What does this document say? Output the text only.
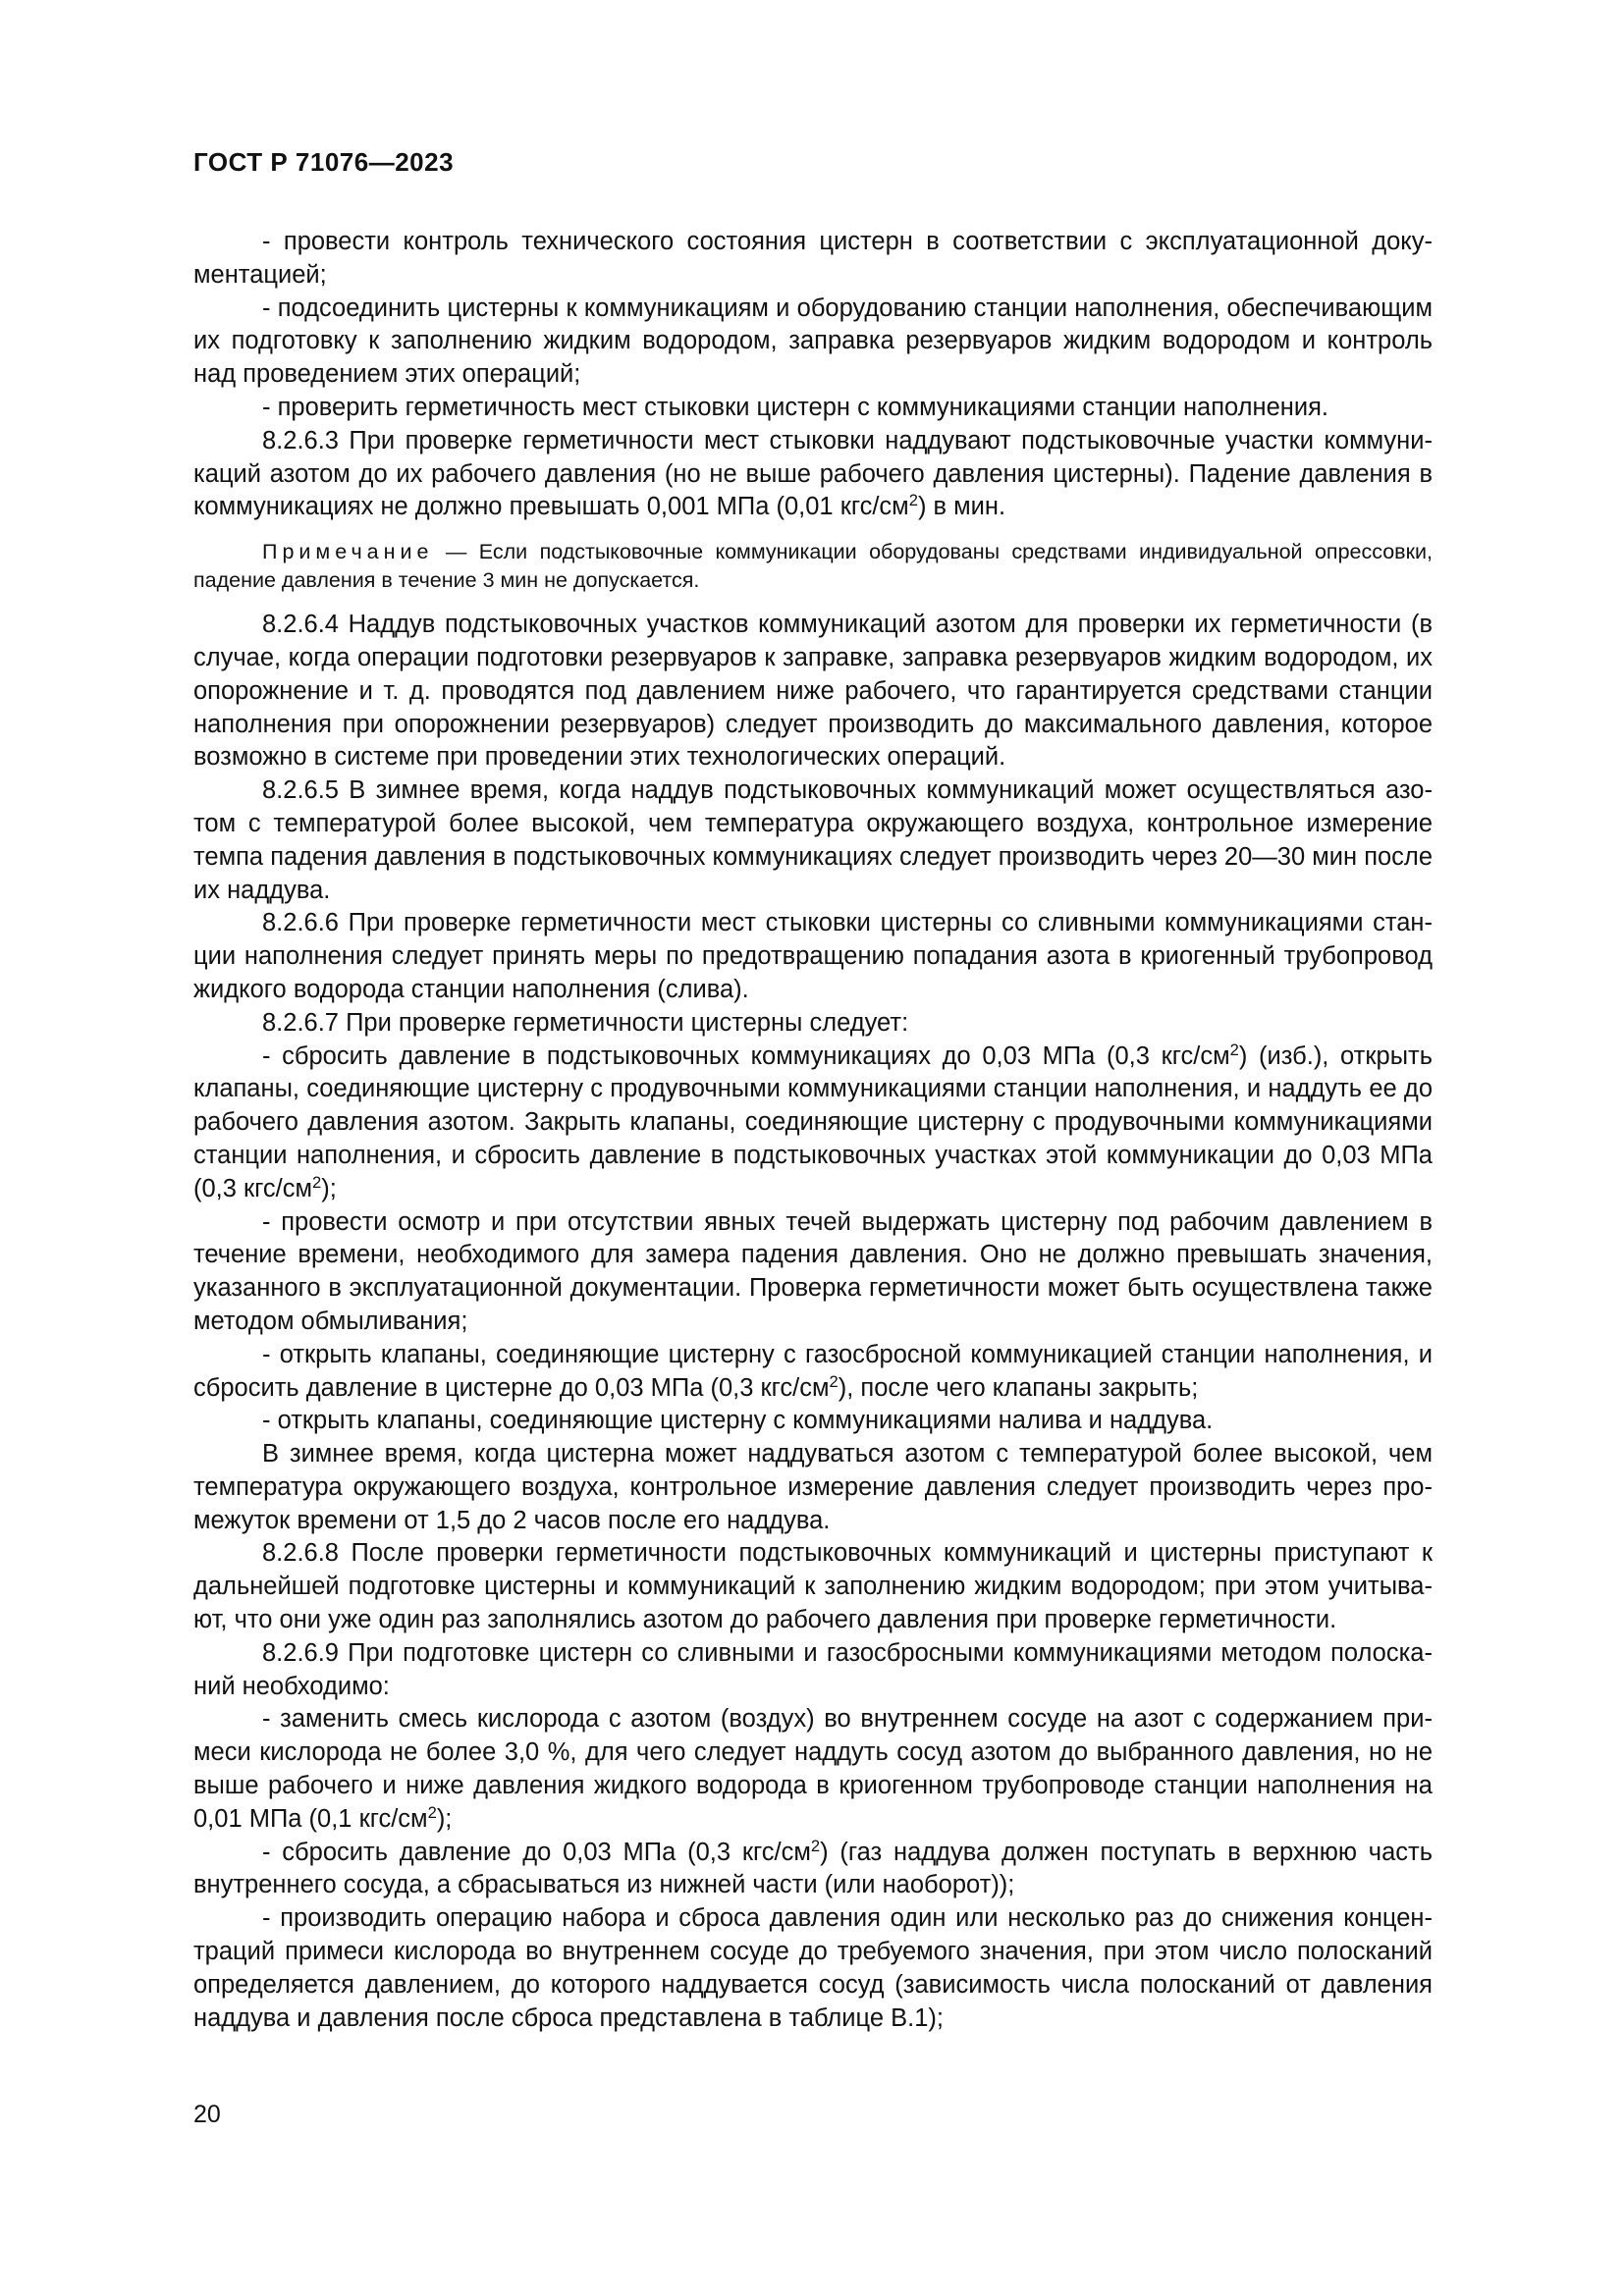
ГОСТ Р 71076—2023

- провести контроль технического состояния цистерн в соответствии с эксплуатационной документацией;

- подсоединить цистерны к коммуникациям и оборудованию станции наполнения, обеспечивающим их подготовку к заполнению жидким водородом, заправка резервуаров жидким водородом и контроль над проведением этих операций;

- проверить герметичность мест стыковки цистерн с коммуникациями станции наполнения.

8.2.6.3 При проверке герметичности мест стыковки наддувают подстыковочные участки коммуникаций азотом до их рабочего давления (но не выше рабочего давления цистерны). Падение давления в коммуникациях не должно превышать 0,001 МПа (0,01 кгс/$см^2$) в мин.

Примечание — Если подстыковочные коммуникации оборудованы средствами индивидуальной опрессовки, падение давления в течение 3 мин не допускается.

8.2.6.4 Наддув подстыковочных участков коммуникаций азотом для проверки их герметичности (в случае, когда операции подготовки резервуаров к заправке, заправка резервуаров жидким водородом, их опорожнение и т. д. проводятся под давлением ниже рабочего, что гарантируется средствами станции наполнения при опорожнении резервуаров) следует производить до максимального давления, которое возможно в системе при проведении этих технологических операций.

8.2.6.5 В зимнее время, когда наддув подстыковочных коммуникаций может осуществляться азотом с температурой более высокой, чем температура окружающего воздуха, контрольное измерение темпа падения давления в подстыковочных коммуникациях следует производить через 20—30 мин после их наддува.

8.2.6.6 При проверке герметичности мест стыковки цистерны со сливными коммуникациями станции наполнения следует принять меры по предотвращению попадания азота в криогенный трубопровод жидкого водорода станции наполнения (слива).

8.2.6.7 При проверке герметичности цистерны следует:

- сбросить давление в подстыковочных коммуникациях до 0,03 МПа (0,3 кгс/$см^2$) (изб.), открыть клапаны, соединяющие цистерну с продувочными коммуникациями станции наполнения, и наддуть ее до рабочего давления азотом. Закрыть клапаны, соединяющие цистерну с продувочными коммуникациями станции наполнения, и сбросить давление в подстыковочных участках этой коммуникации до 0,03 МПа (0,3 кгс/$см^2$);

- провести осмотр и при отсутствии явных течей выдержать цистерну под рабочим давлением в течение времени, необходимого для замера падения давления. Оно не должно превышать значения, указанного в эксплуатационной документации. Проверка герметичности может быть осуществлена также методом обмыливания;

- открыть клапаны, соединяющие цистерну с газосбросной коммуникацией станции наполнения, и сбросить давление в цистерне до 0,03 МПа (0,3 кгс/$см^2$), после чего клапаны закрыть;

- открыть клапаны, соединяющие цистерну с коммуникациями налива и наддува.

В зимнее время, когда цистерна может наддуваться азотом с температурой более высокой, чем температура окружающего воздуха, контрольное измерение давления следует производить через промежуток времени от 1,5 до 2 часов после его наддува.

8.2.6.8 После проверки герметичности подстыковочных коммуникаций и цистерны приступают к дальнейшей подготовке цистерны и коммуникаций к заполнению жидким водородом; при этом учитывают, что они уже один раз заполнялись азотом до рабочего давления при проверке герметичности.

8.2.6.9 При подготовке цистерн со сливными и газосбросными коммуникациями методом полосканий необходимо:

- заменить смесь кислорода с азотом (воздух) во внутреннем сосуде на азот с содержанием примеси кислорода не более 3,0 %, для чего следует наддуть сосуд азотом до выбранного давления, но не выше рабочего и ниже давления жидкого водорода в криогенном трубопроводе станции наполнения на 0,01 МПа (0,1 кгс/$см^2$);

- сбросить давление до 0,03 МПа (0,3 кгс/$см^2$) (газ наддува должен поступать в верхнюю часть внутреннего сосуда, а сбрасываться из нижней части (или наоборот));

- производить операцию набора и сброса давления один или несколько раз до снижения концентраций примеси кислорода во внутреннем сосуде до требуемого значения, при этом число полосканий определяется давлением, до которого наддувается сосуд (зависимость числа полосканий от давления наддува и давления после сброса представлена в таблице В.1);

20
